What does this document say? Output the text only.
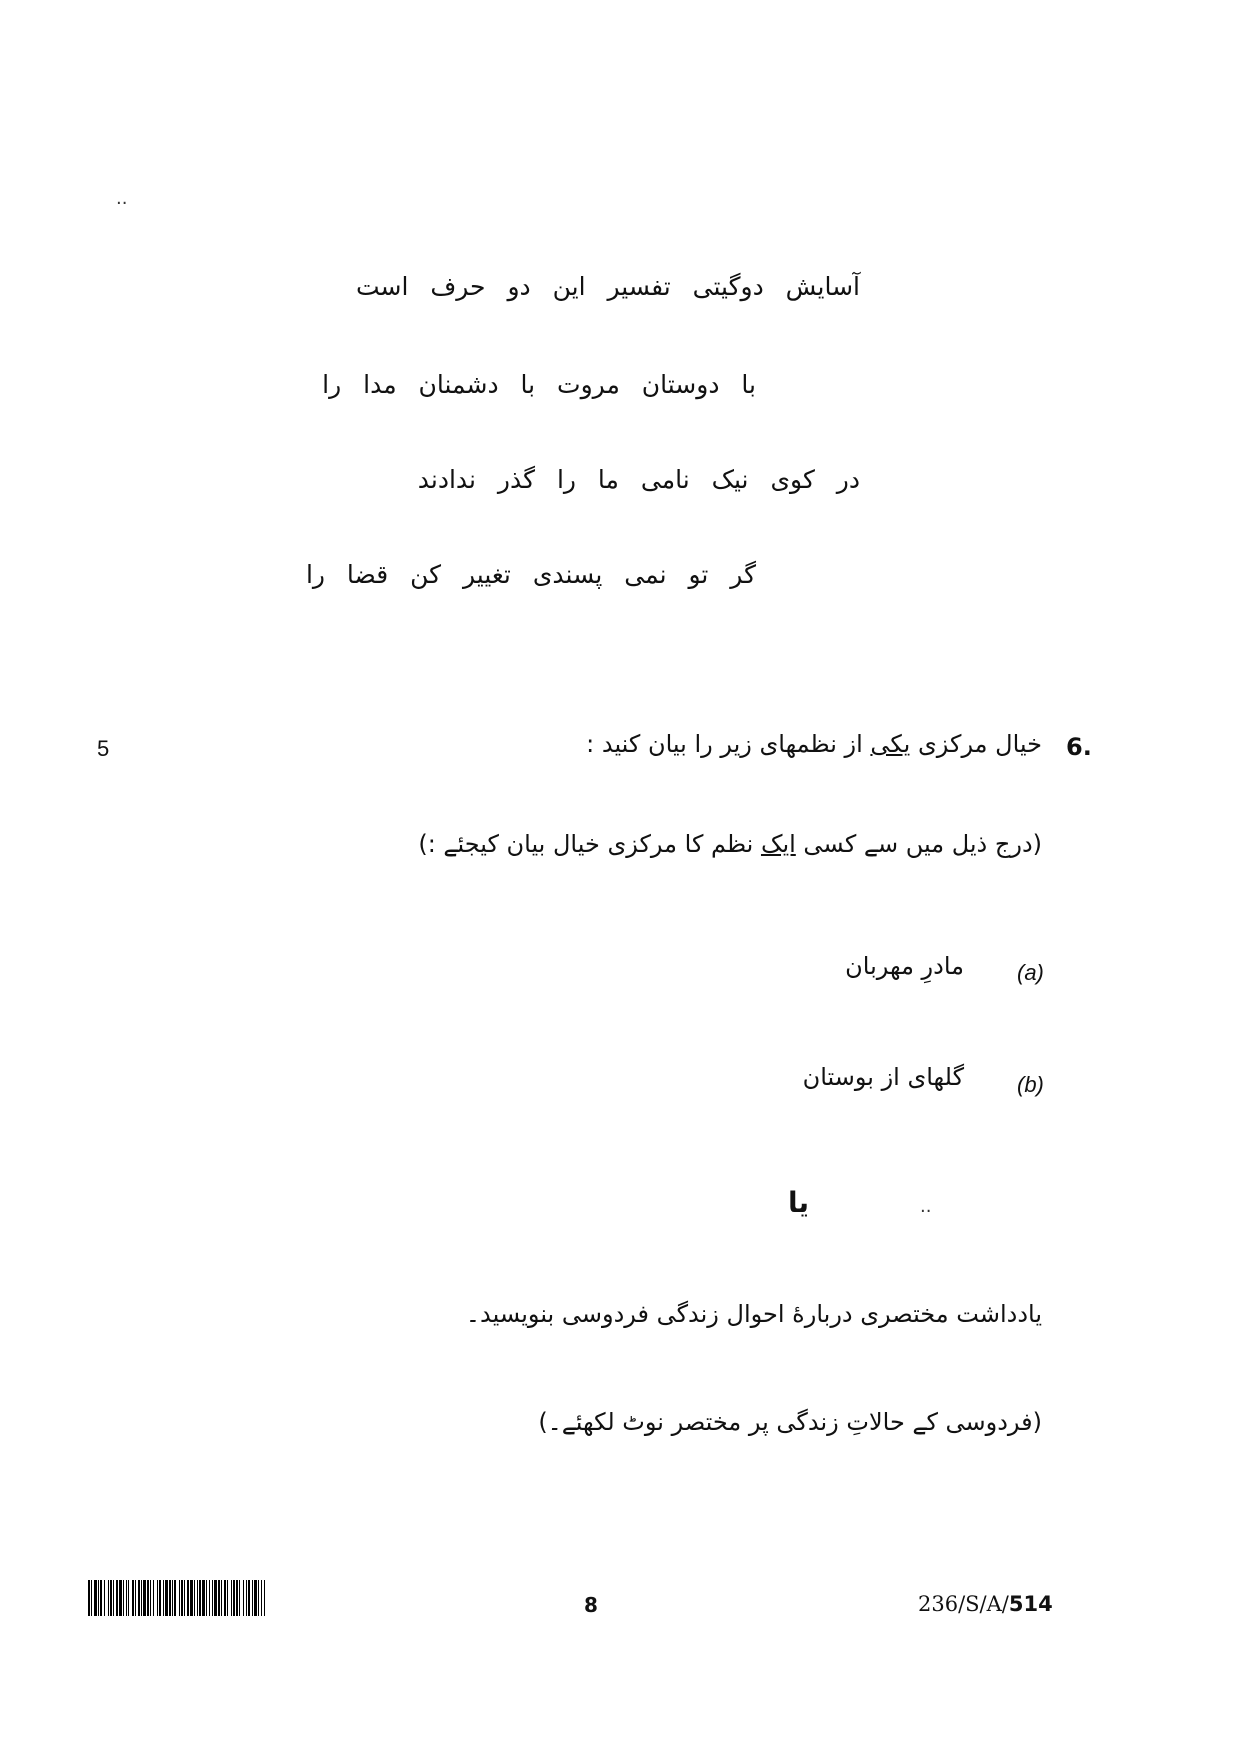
..
آسایش دوگیتی تفسیر این دو حرف است
با دوستان مروت با دشمنان مدا را
در کوی نیک نامی ما را گذر ندادند
گر تو نمی پسندی تغییر کن قضا را
5	6.
خیال مرکزی یکی از نظمهای زیر را بیان کنید :
(درج ذیل میں سے کسی ایک نظم کا مرکزی خیال بیان کیجئے :)
(a)
مادرِ مهربان
(b)
گلهای از بوستان
..
یا
یادداشت مختصری دربارهٔ احوال زندگی فردوسی بنویسید۔
(فردوسی کے حالاتِ زندگی پر مختصر نوٹ لکھئے۔)
8	236/S/A/514
